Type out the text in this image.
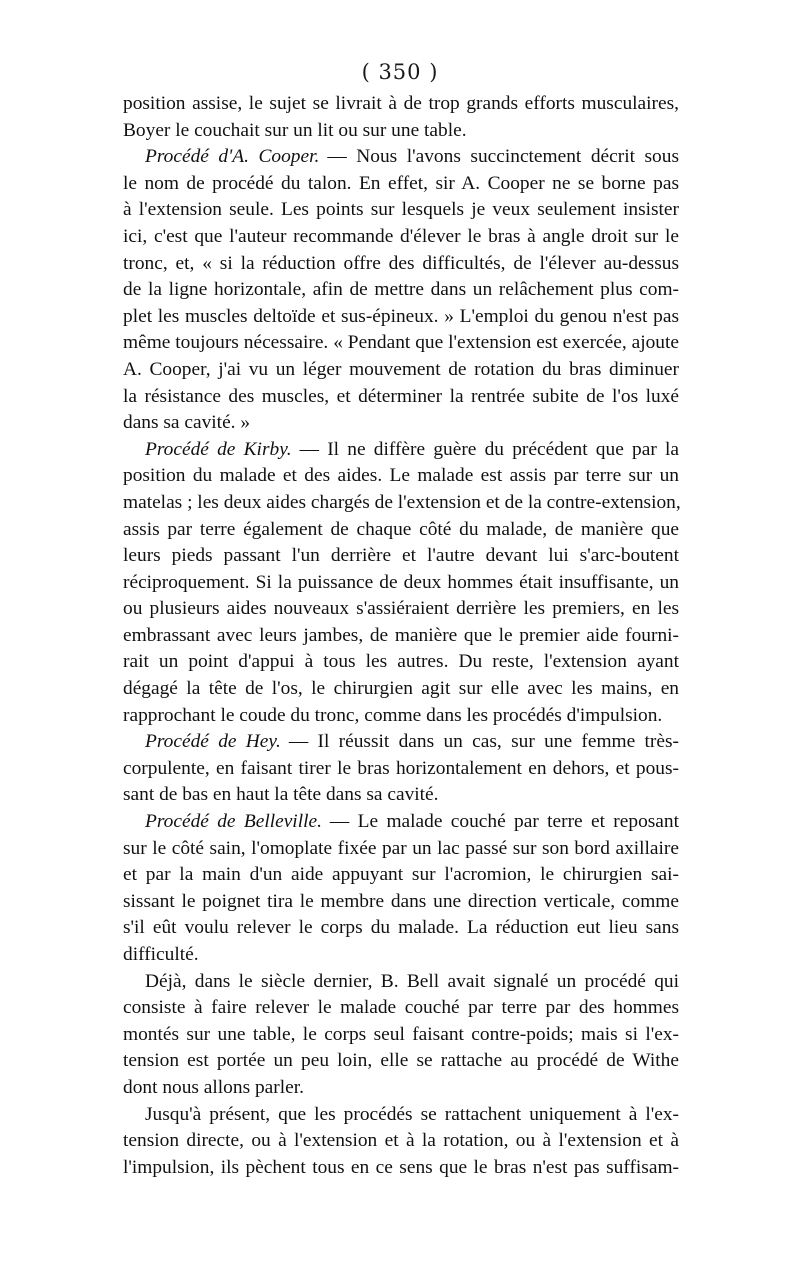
( 350 )
position assise, le sujet se livrait à de trop grands efforts musculaires,
Boyer le couchait sur un lit ou sur une table.
Procédé d'A. Cooper. — Nous l'avons succinctement décrit sous
le nom de procédé du talon. En effet, sir A. Cooper ne se borne pas
à l'extension seule. Les points sur lesquels je veux seulement insister
ici, c'est que l'auteur recommande d'élever le bras à angle droit sur le
tronc, et, « si la réduction offre des difficultés, de l'élever au-dessus
de la ligne horizontale, afin de mettre dans un relâchement plus com-
plet les muscles deltoïde et sus-épineux. » L'emploi du genou n'est pas
même toujours nécessaire. « Pendant que l'extension est exercée, ajoute
A. Cooper, j'ai vu un léger mouvement de rotation du bras diminuer
la résistance des muscles, et déterminer la rentrée subite de l'os luxé
dans sa cavité. »
Procédé de Kirby. — Il ne diffère guère du précédent que par la
position du malade et des aides. Le malade est assis par terre sur un
matelas ; les deux aides chargés de l'extension et de la contre-extension,
assis par terre également de chaque côté du malade, de manière que
leurs pieds passant l'un derrière et l'autre devant lui s'arc-boutent
réciproquement. Si la puissance de deux hommes était insuffisante, un
ou plusieurs aides nouveaux s'assiéraient derrière les premiers, en les
embrassant avec leurs jambes, de manière que le premier aide fourni-
rait un point d'appui à tous les autres. Du reste, l'extension ayant
dégagé la tête de l'os, le chirurgien agit sur elle avec les mains, en
rapprochant le coude du tronc, comme dans les procédés d'impulsion.
Procédé de Hey. — Il réussit dans un cas, sur une femme très-
corpulente, en faisant tirer le bras horizontalement en dehors, et pous-
sant de bas en haut la tête dans sa cavité.
Procédé de Belleville. — Le malade couché par terre et reposant
sur le côté sain, l'omoplate fixée par un lac passé sur son bord axillaire
et par la main d'un aide appuyant sur l'acromion, le chirurgien sai-
sissant le poignet tira le membre dans une direction verticale, comme
s'il eût voulu relever le corps du malade. La réduction eut lieu sans
difficulté.
Déjà, dans le siècle dernier, B. Bell avait signalé un procédé qui
consiste à faire relever le malade couché par terre par des hommes
montés sur une table, le corps seul faisant contre-poids; mais si l'ex-
tension est portée un peu loin, elle se rattache au procédé de Withe
dont nous allons parler.
Jusqu'à présent, que les procédés se rattachent uniquement à l'ex-
tension directe, ou à l'extension et à la rotation, ou à l'extension et à
l'impulsion, ils pèchent tous en ce sens que le bras n'est pas suffisam-
